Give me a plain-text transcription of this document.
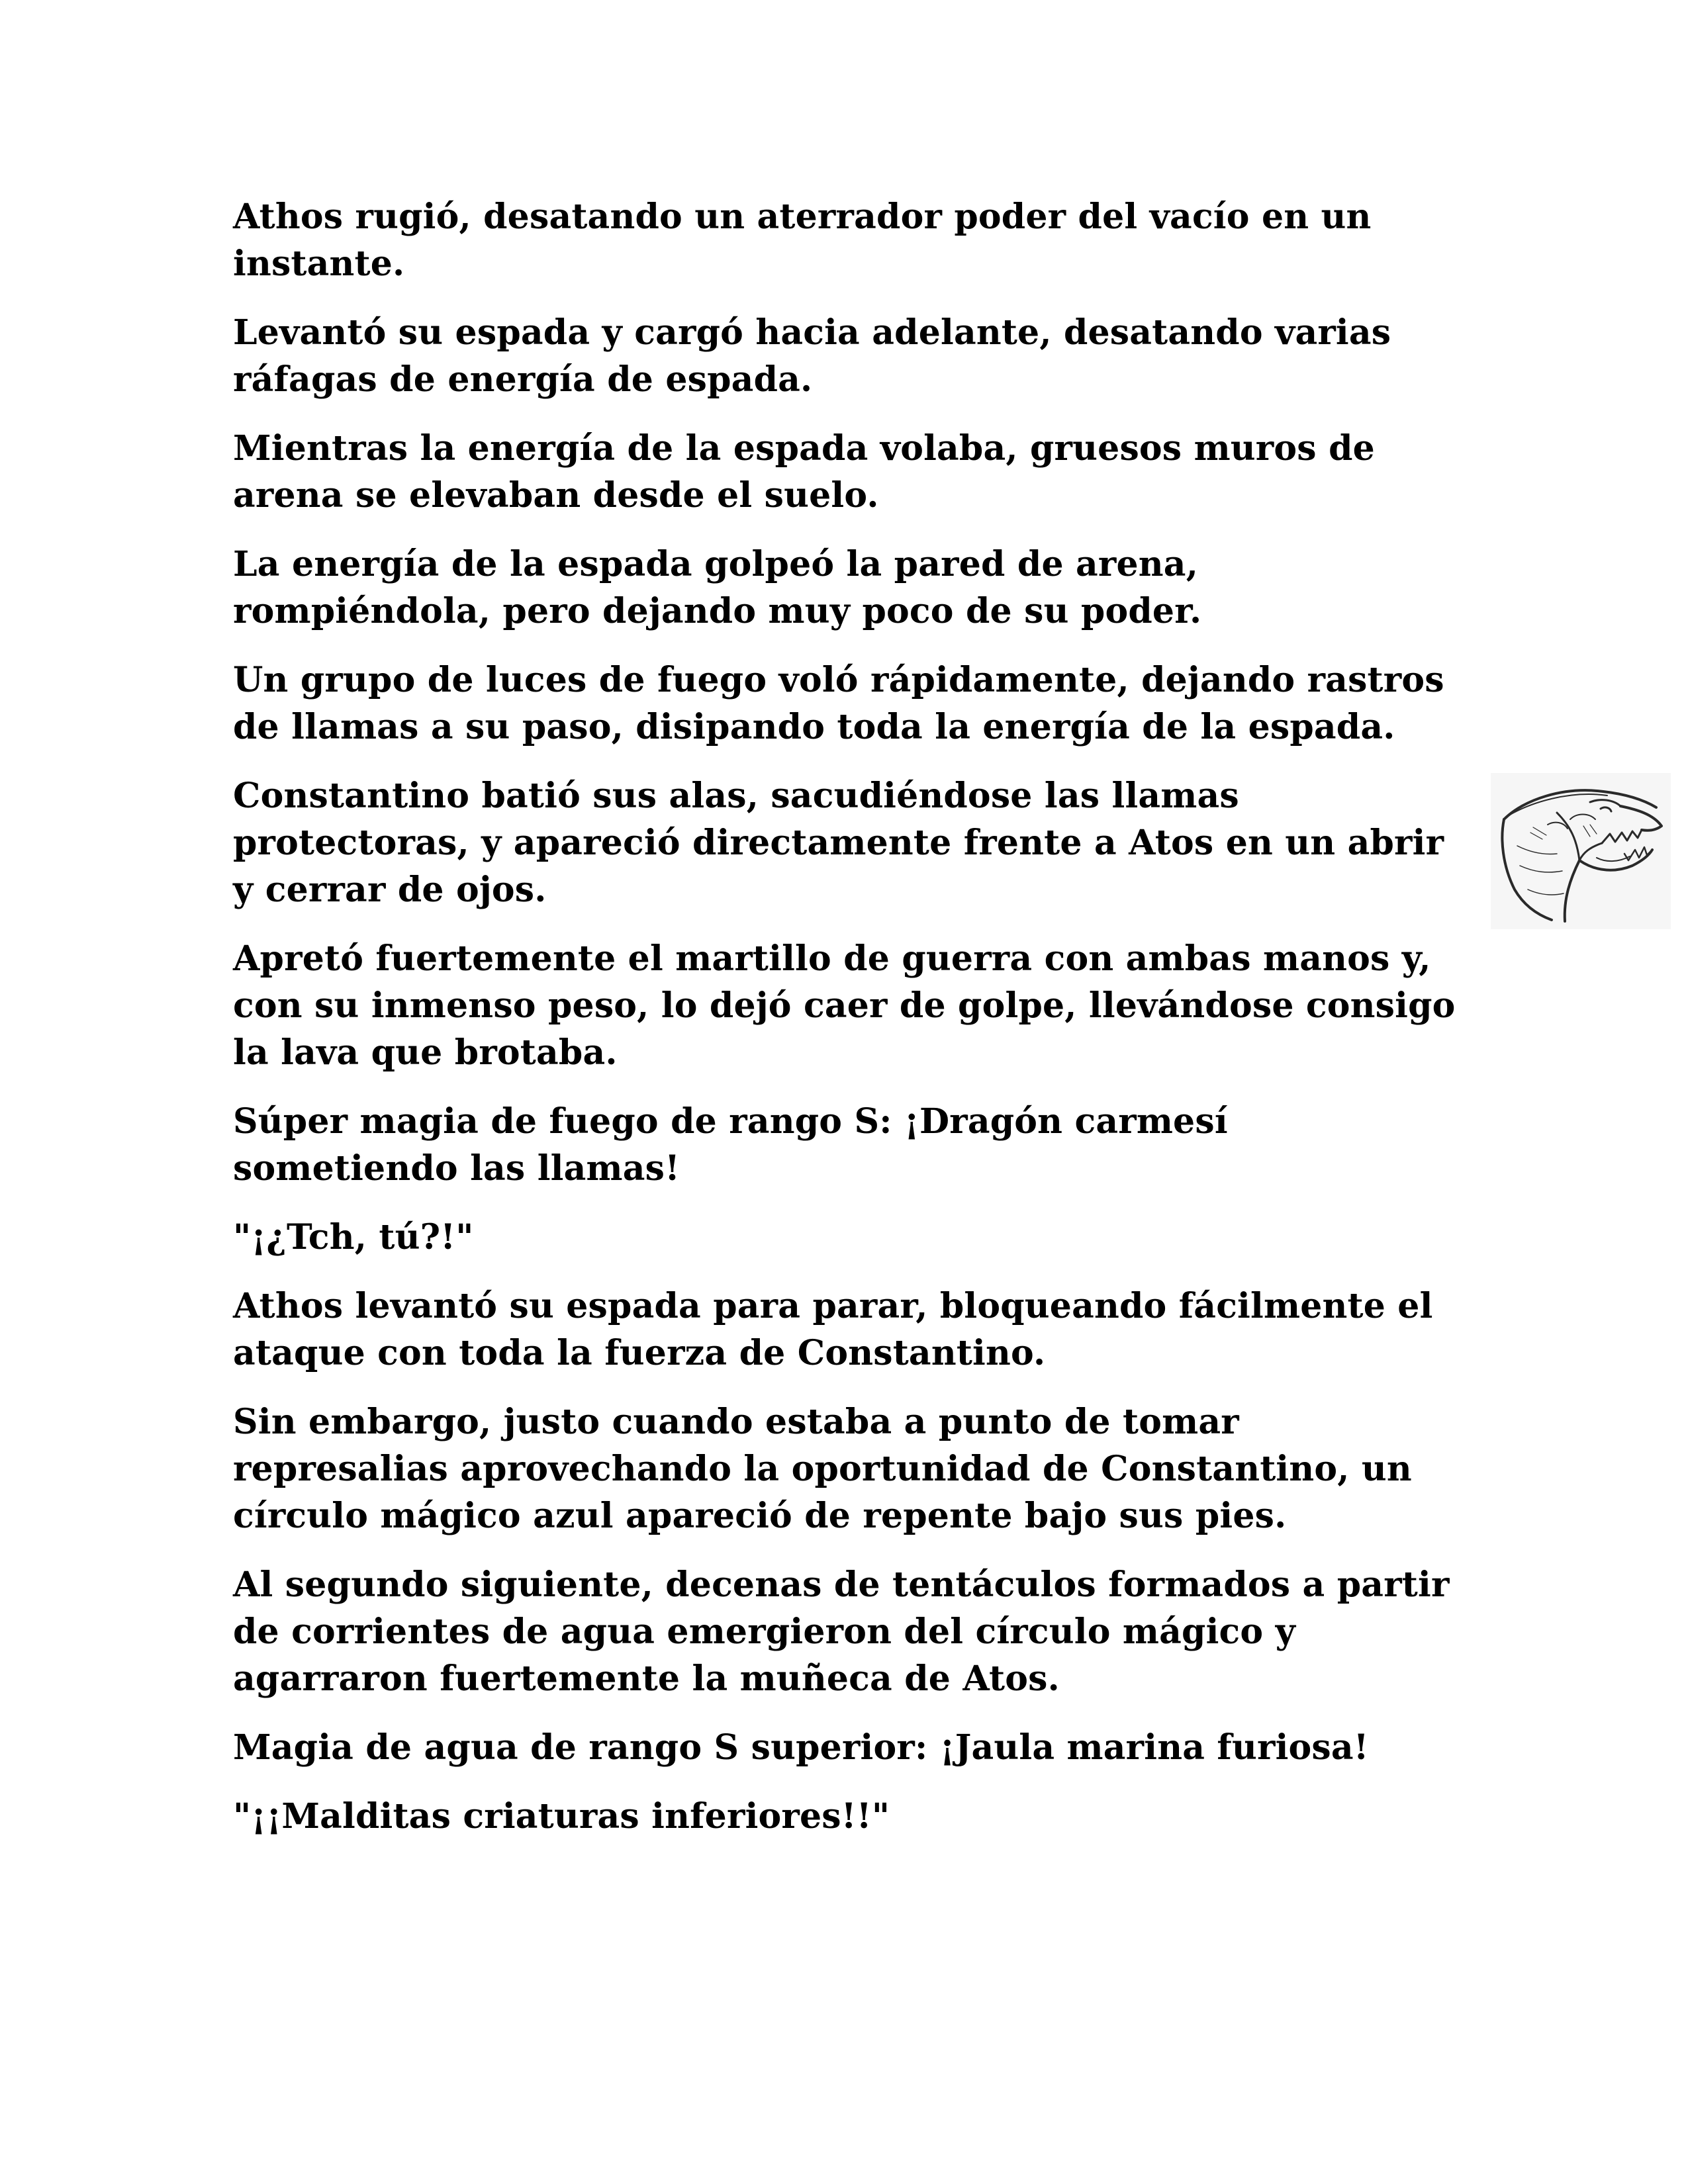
Athos rugió, desatando un aterrador poder del vacío en un instante.

Levantó su espada y cargó hacia adelante, desatando varias ráfagas de energía de espada.

Mientras la energía de la espada volaba, gruesos muros de arena se elevaban desde el suelo.

La energía de la espada golpeó la pared de arena, rompiéndola, pero dejando muy poco de su poder.

Un grupo de luces de fuego voló rápidamente, dejando rastros de llamas a su paso, disipando toda la energía de la espada.

Constantino batió sus alas, sacudiéndose las llamas protectoras, y apareció directamente frente a Atos en un abrir y cerrar de ojos.

Apretó fuertemente el martillo de guerra con ambas manos y, con su inmenso peso, lo dejó caer de golpe, llevándose consigo la lava que brotaba.

Súper magia de fuego de rango S: ¡Dragón carmesí sometiendo las llamas!

"¡¿Tch, tú?!"

Athos levantó su espada para parar, bloqueando fácilmente el ataque con toda la fuerza de Constantino.

Sin embargo, justo cuando estaba a punto de tomar represalias aprovechando la oportunidad de Constantino, un círculo mágico azul apareció de repente bajo sus pies.

Al segundo siguiente, decenas de tentáculos formados a partir de corrientes de agua emergieron del círculo mágico y agarraron fuertemente la muñeca de Atos.

Magia de agua de rango S superior: ¡Jaula marina furiosa!

"¡¡Malditas criaturas inferiores!!"
